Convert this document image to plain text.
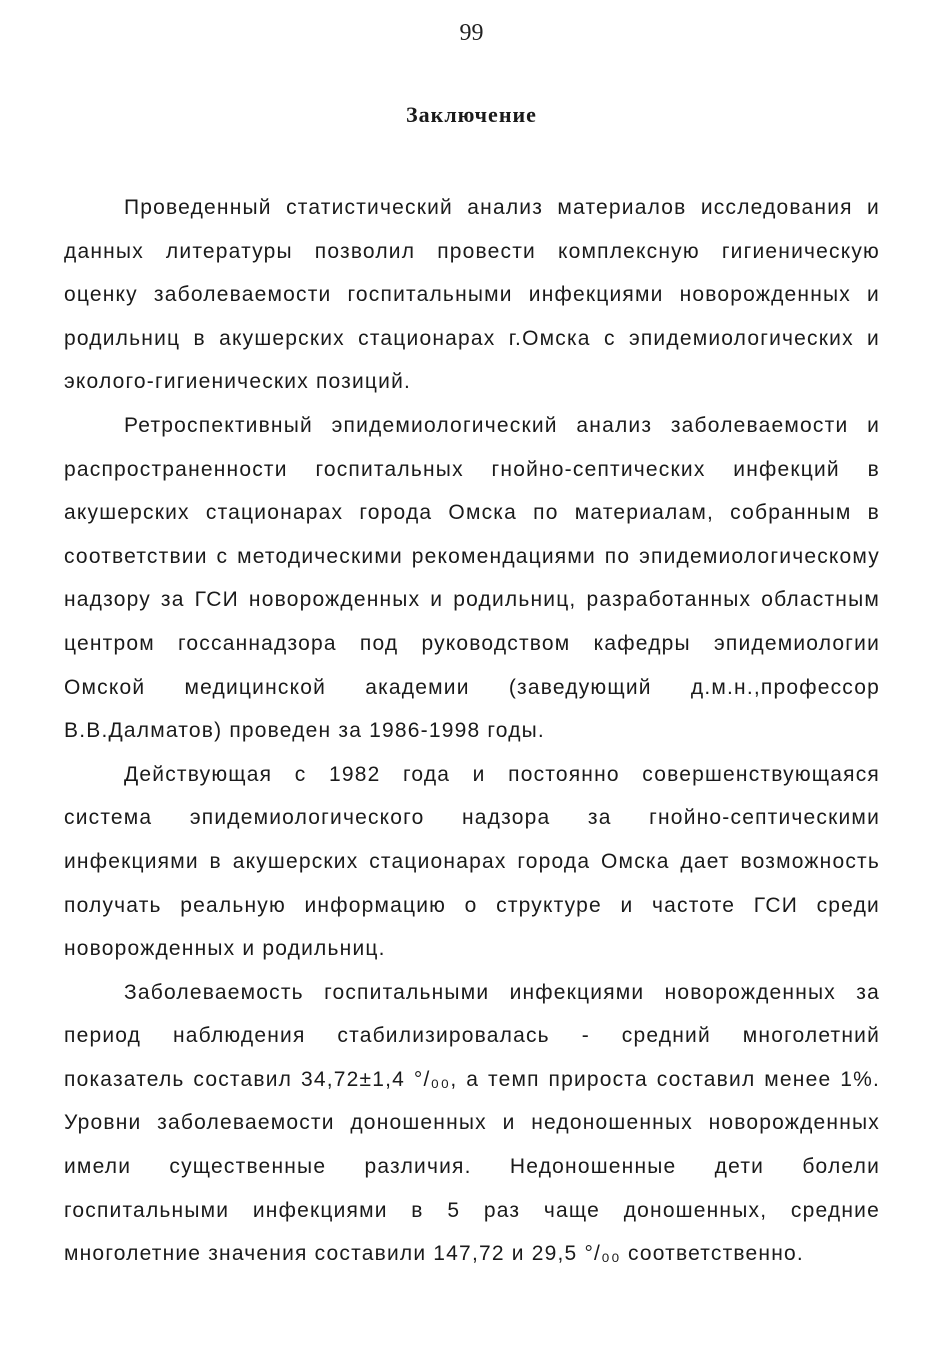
99
Заключение

Проведенный статистический анализ материалов исследования и данных литературы позволил провести комплексную гигиеническую оценку заболеваемости госпитальными инфекциями новорожденных и родильниц в акушерских стационарах г.Омска с эпидемиологических и эколого-гигиенических позиций.

Ретроспективный эпидемиологический анализ заболеваемости и распространенности госпитальных гнойно-септических инфекций в акушерских стационарах города Омска по материалам, собранным в соответствии с методическими рекомендациями по эпидемиологическому надзору за ГСИ новорожденных и родильниц, разработанных областным центром госсаннадзора под руководством кафедры эпидемиологии Омской медицинской академии (заведующий д.м.н.,профессор В.В.Далматов) проведен за 1986-1998 годы.

Действующая с 1982 года и постоянно совершенствующаяся система эпидемиологического надзора за гнойно-септическими инфекциями в акушерских стационарах города Омска дает возможность получать реальную информацию о структуре и частоте ГСИ среди новорожденных и родильниц.

Заболеваемость госпитальными инфекциями новорожденных за период наблюдения стабилизировалась - средний многолетний показатель составил 34,72±1,4 °/₀₀, а темп прироста составил менее 1%. Уровни заболеваемости доношенных и недоношенных новорожденных имели существенные различия. Недоношенные дети болели госпитальными инфекциями в 5 раз чаще доношенных, средние многолетние значения составили 147,72 и 29,5 °/₀₀ соответственно.
